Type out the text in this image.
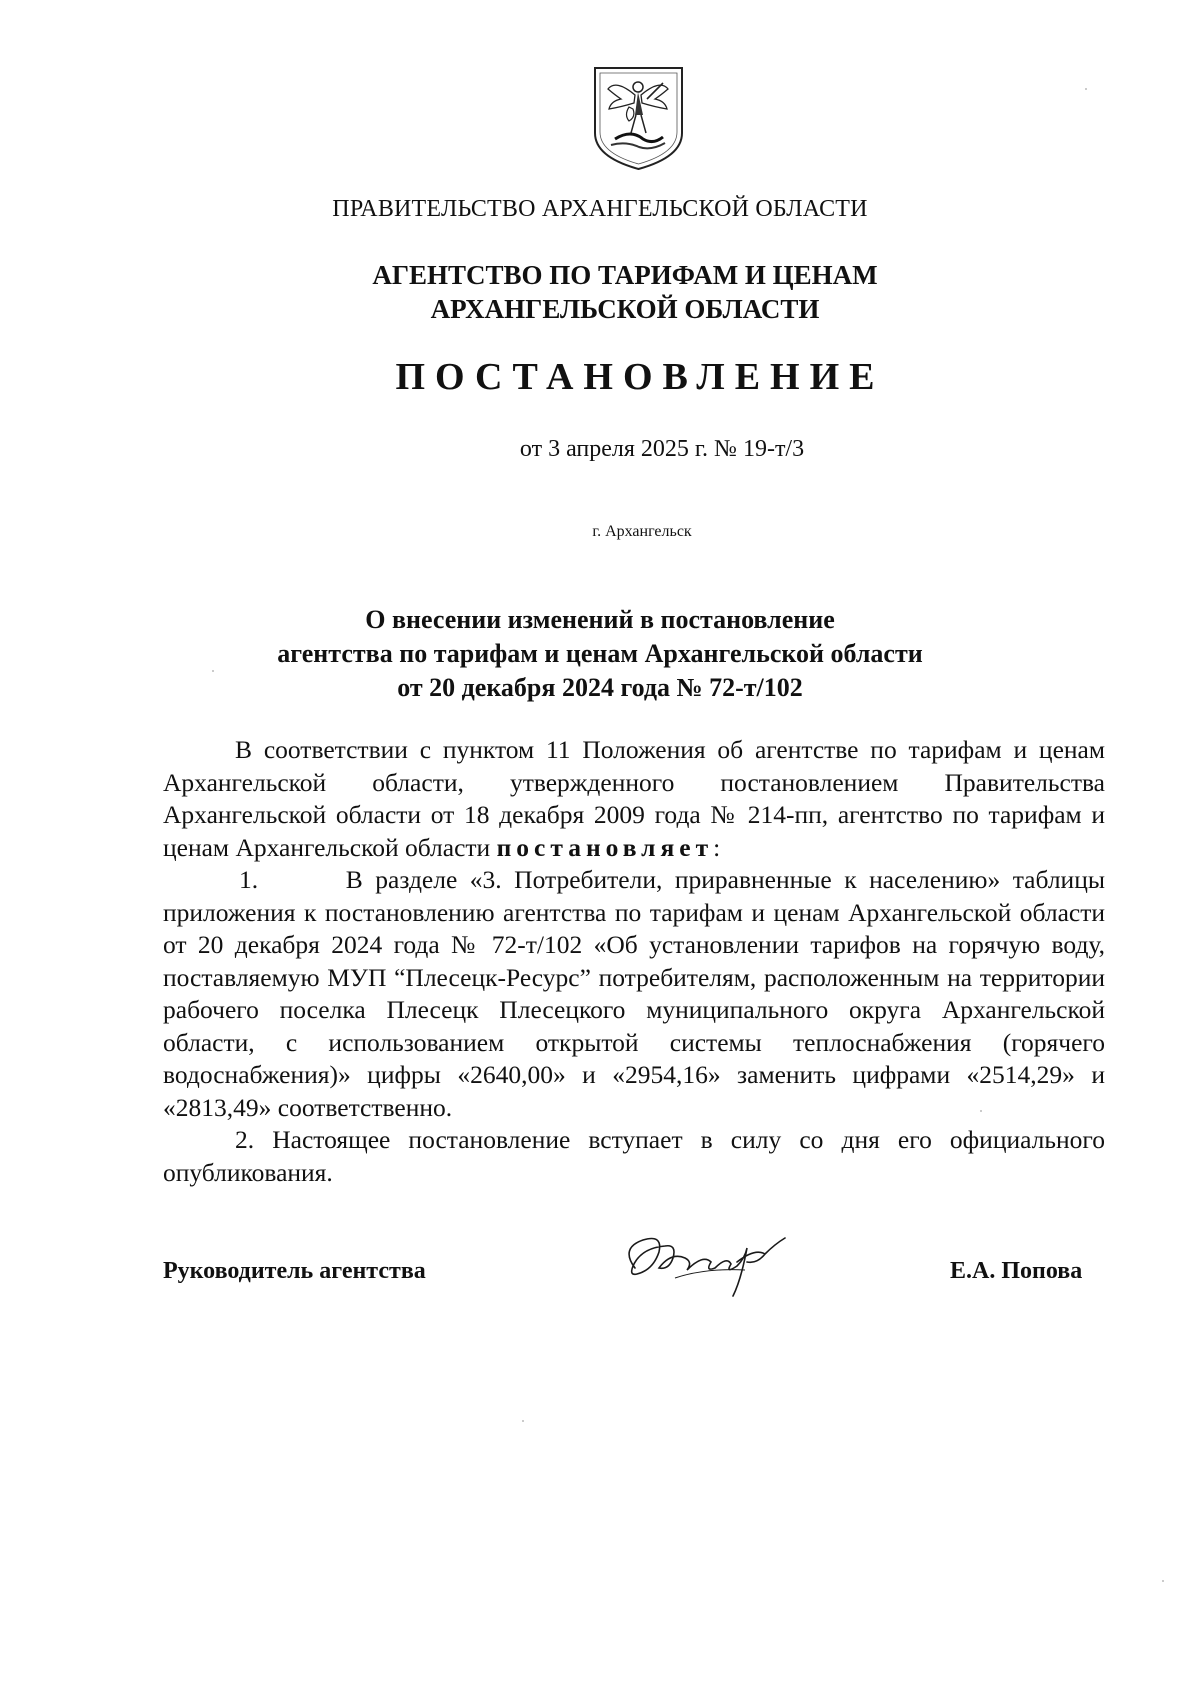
ПРАВИТЕЛЬСТВО АРХАНГЕЛЬСКОЙ ОБЛАСТИ
АГЕНТСТВО ПО ТАРИФАМ И ЦЕНАМ
АРХАНГЕЛЬСКОЙ ОБЛАСТИ
ПОСТАНОВЛЕНИЕ
от 3 апреля 2025 г. № 19-т/3
г. Архангельск
О внесении изменений в постановление
агентства по тарифам и ценам Архангельской области
от 20 декабря 2024 года № 72-т/102

В соответствии с пунктом 11 Положения об агентстве по тарифам и ценам Архангельской области, утвержденного постановлением Правительства Архангельской области от 18 декабря 2009 года № 214-пп, агентство по тарифам и ценам Архангельской области постановляет:

1.	В разделе «3. Потребители, приравненные к населению» таблицы приложения к постановлению агентства по тарифам и ценам Архангельской области от 20 декабря 2024 года № 72-т/102 «Об установлении тарифов на горячую воду, поставляемую МУП “Плесецк-Ресурс” потребителям, расположенным на территории рабочего поселка Плесецк Плесецкого муниципального округа Архангельской области, с использованием открытой системы теплоснабжения (горячего водоснабжения)» цифры «2640,00» и «2954,16» заменить цифрами «2514,29» и «2813,49» соответственно.

2. Настоящее постановление вступает в силу со дня его официального опубликования.

Руководитель агентства	Е.А. Попова
